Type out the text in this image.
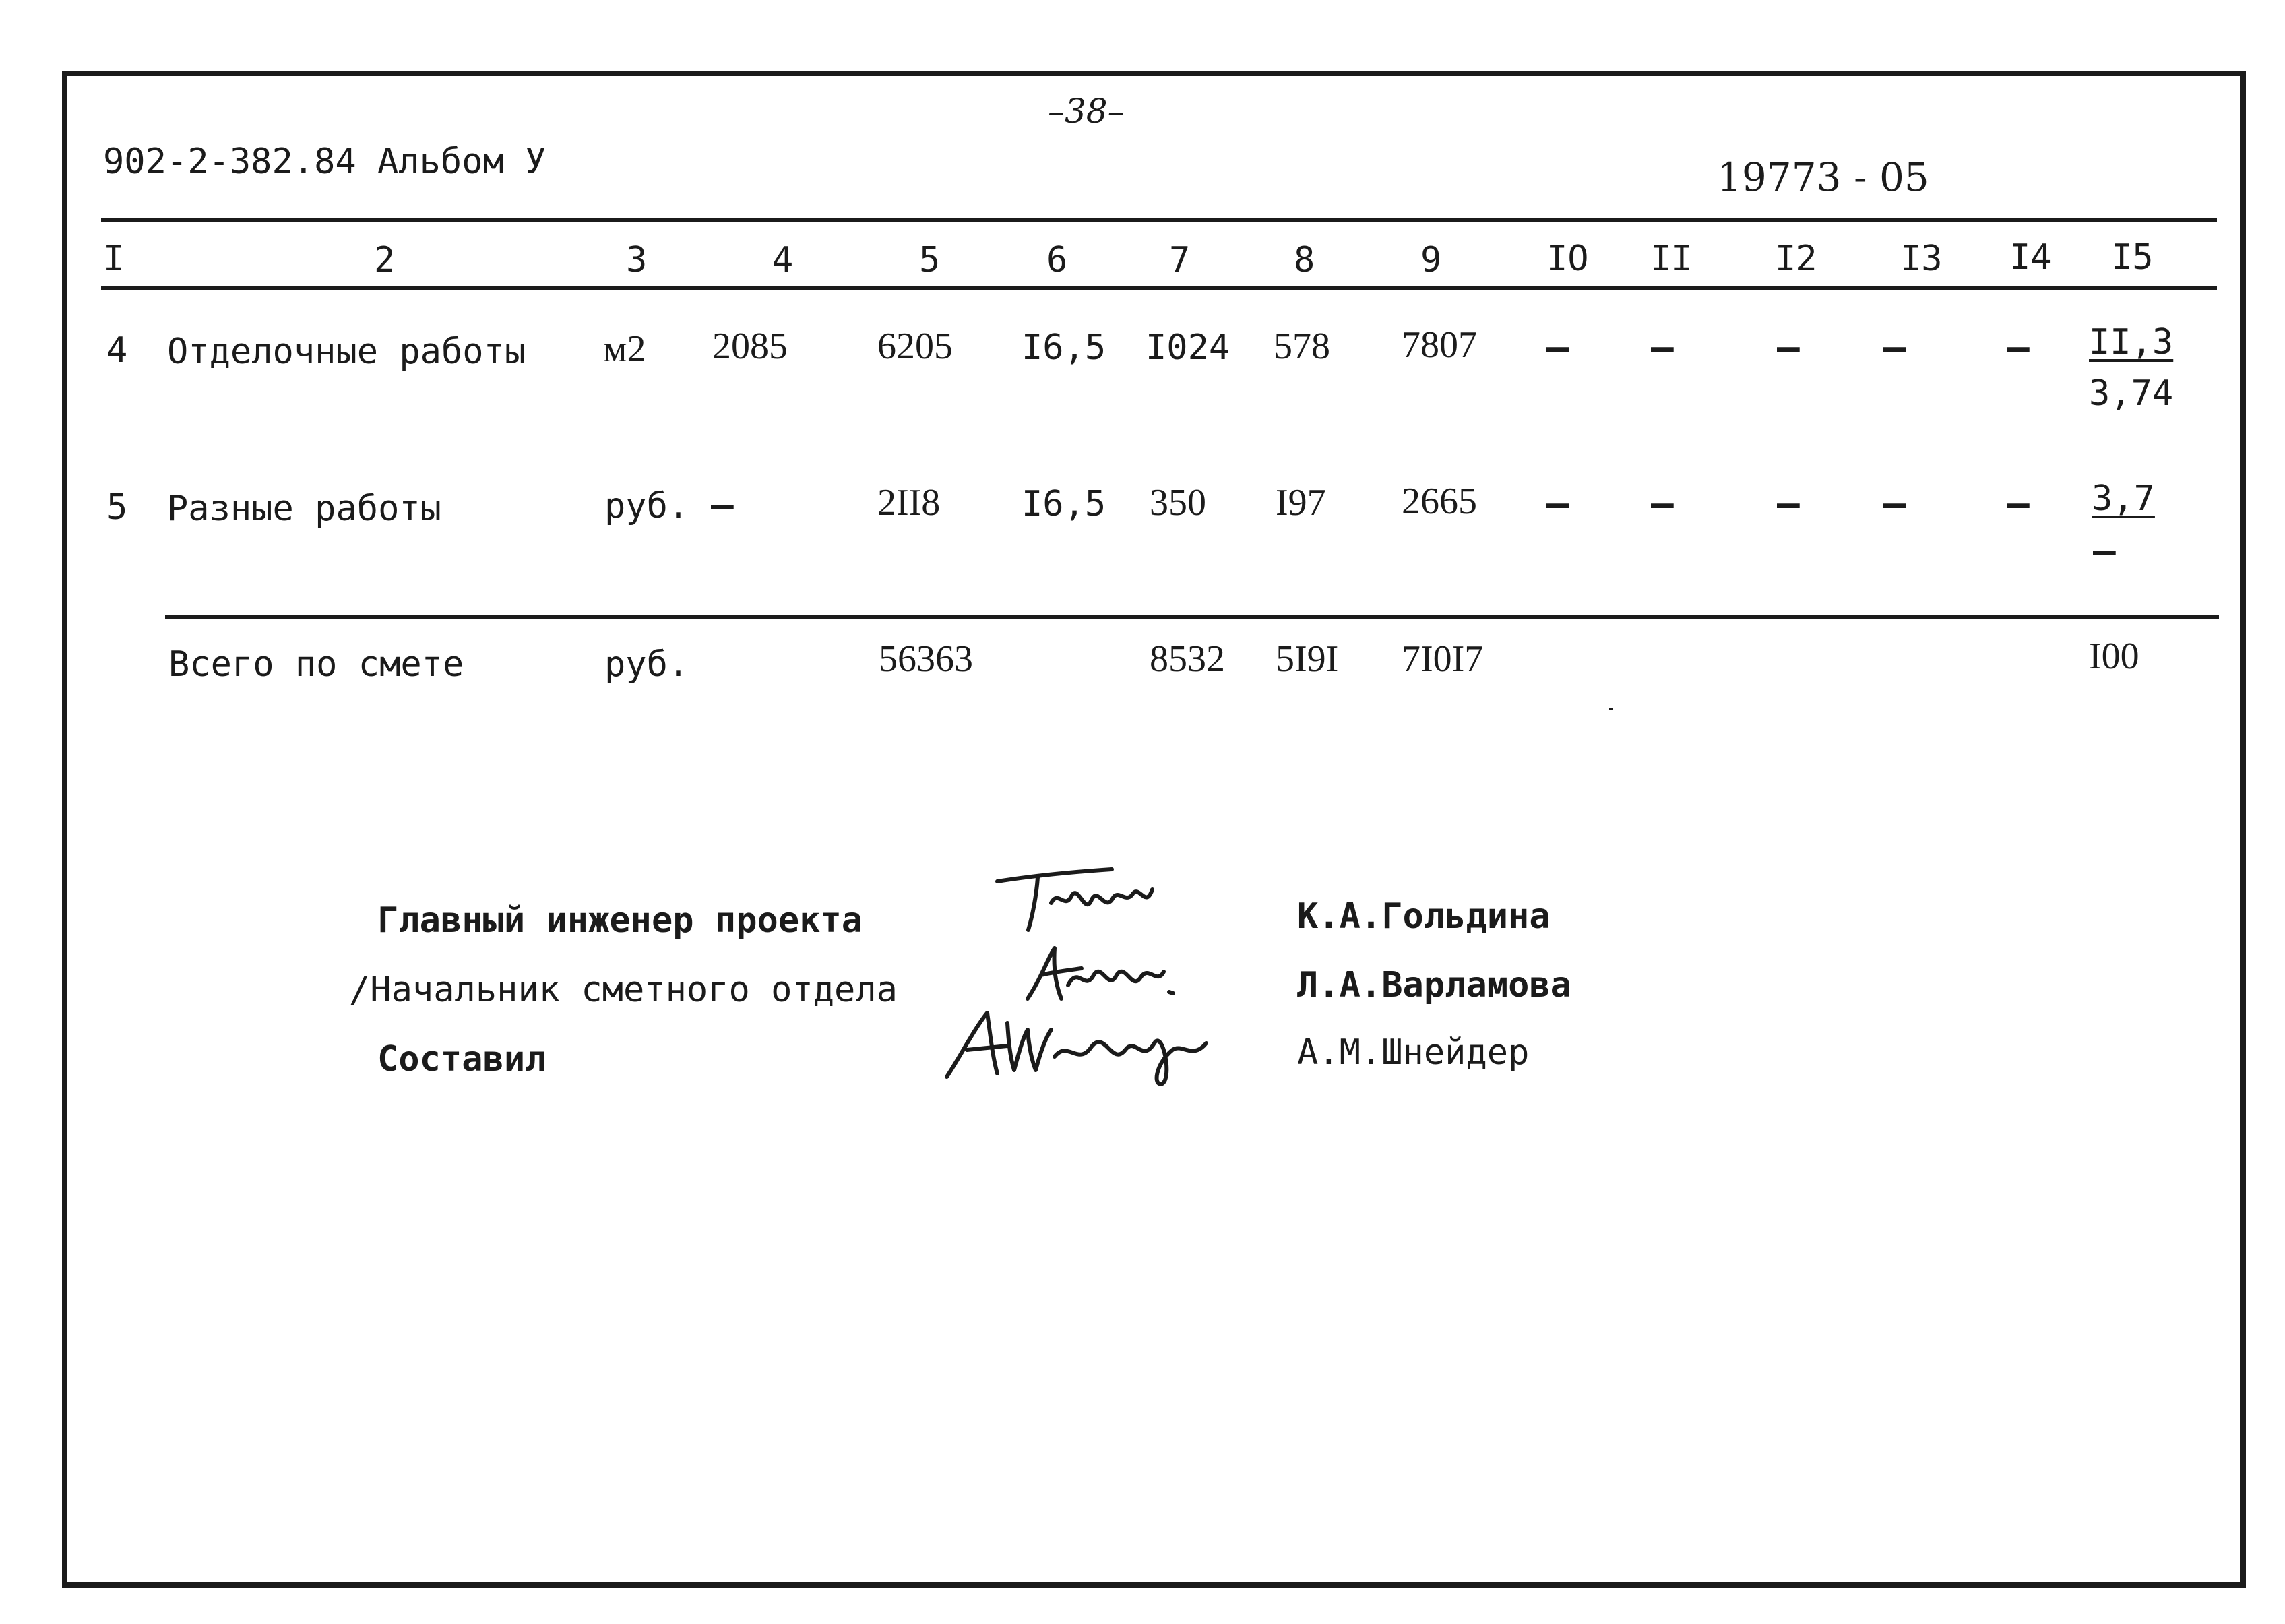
902-2-382.84 Альбом У
–38–
19773 - 05
I	2	3	4	5	6	7	8	9	IO II I2 I3 I4 I5
4 Отделочные работы м2 2085 6205 I6,5 I024 578 7807 – –	– –	– II,3
3,74
5 Разные работы	руб. –	2II8 I6,5 350 I97 2665 – –	– –	– 3,7
–
Всего по смете	руб.	56363	8532 5I9I 7I0I7	I00
Главный инженер проекта	К.А.Гольдина
/Начальник сметного отдела	Л.А.Варламова
Составил	А.М.Шнейдер
